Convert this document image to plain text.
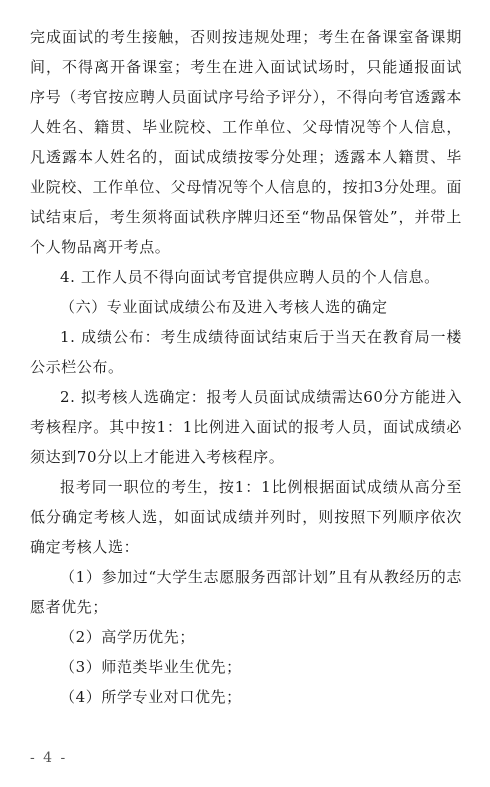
完成面试的考生接触，否则按违规处理；考生在备课室备课期间，不得离开备课室；考生在进入面试试场时，只能通报面试序号（考官按应聘人员面试序号给予评分），不得向考官透露本人姓名、籍贯、毕业院校、工作单位、父母情况等个人信息，凡透露本人姓名的，面试成绩按零分处理；透露本人籍贯、毕业院校、工作单位、父母情况等个人信息的，按扣3分处理。面试结束后，考生须将面试秩序牌归还至“物品保管处”，并带上个人物品离开考点。

4. 工作人员不得向面试考官提供应聘人员的个人信息。

（六）专业面试成绩公布及进入考核人选的确定

1. 成绩公布：考生成绩待面试结束后于当天在教育局一楼公示栏公布。

2. 拟考核人选确定：报考人员面试成绩需达60分方能进入考核程序。其中按1：1比例进入面试的报考人员，面试成绩必须达到70分以上才能进入考核程序。

报考同一职位的考生，按1：1比例根据面试成绩从高分至低分确定考核人选，如面试成绩并列时，则按照下列顺序依次确定考核人选：

（1）参加过“大学生志愿服务西部计划”且有从教经历的志愿者优先；

（2）高学历优先；

（3）师范类毕业生优先；

（4）所学专业对口优先；

- 4 -
